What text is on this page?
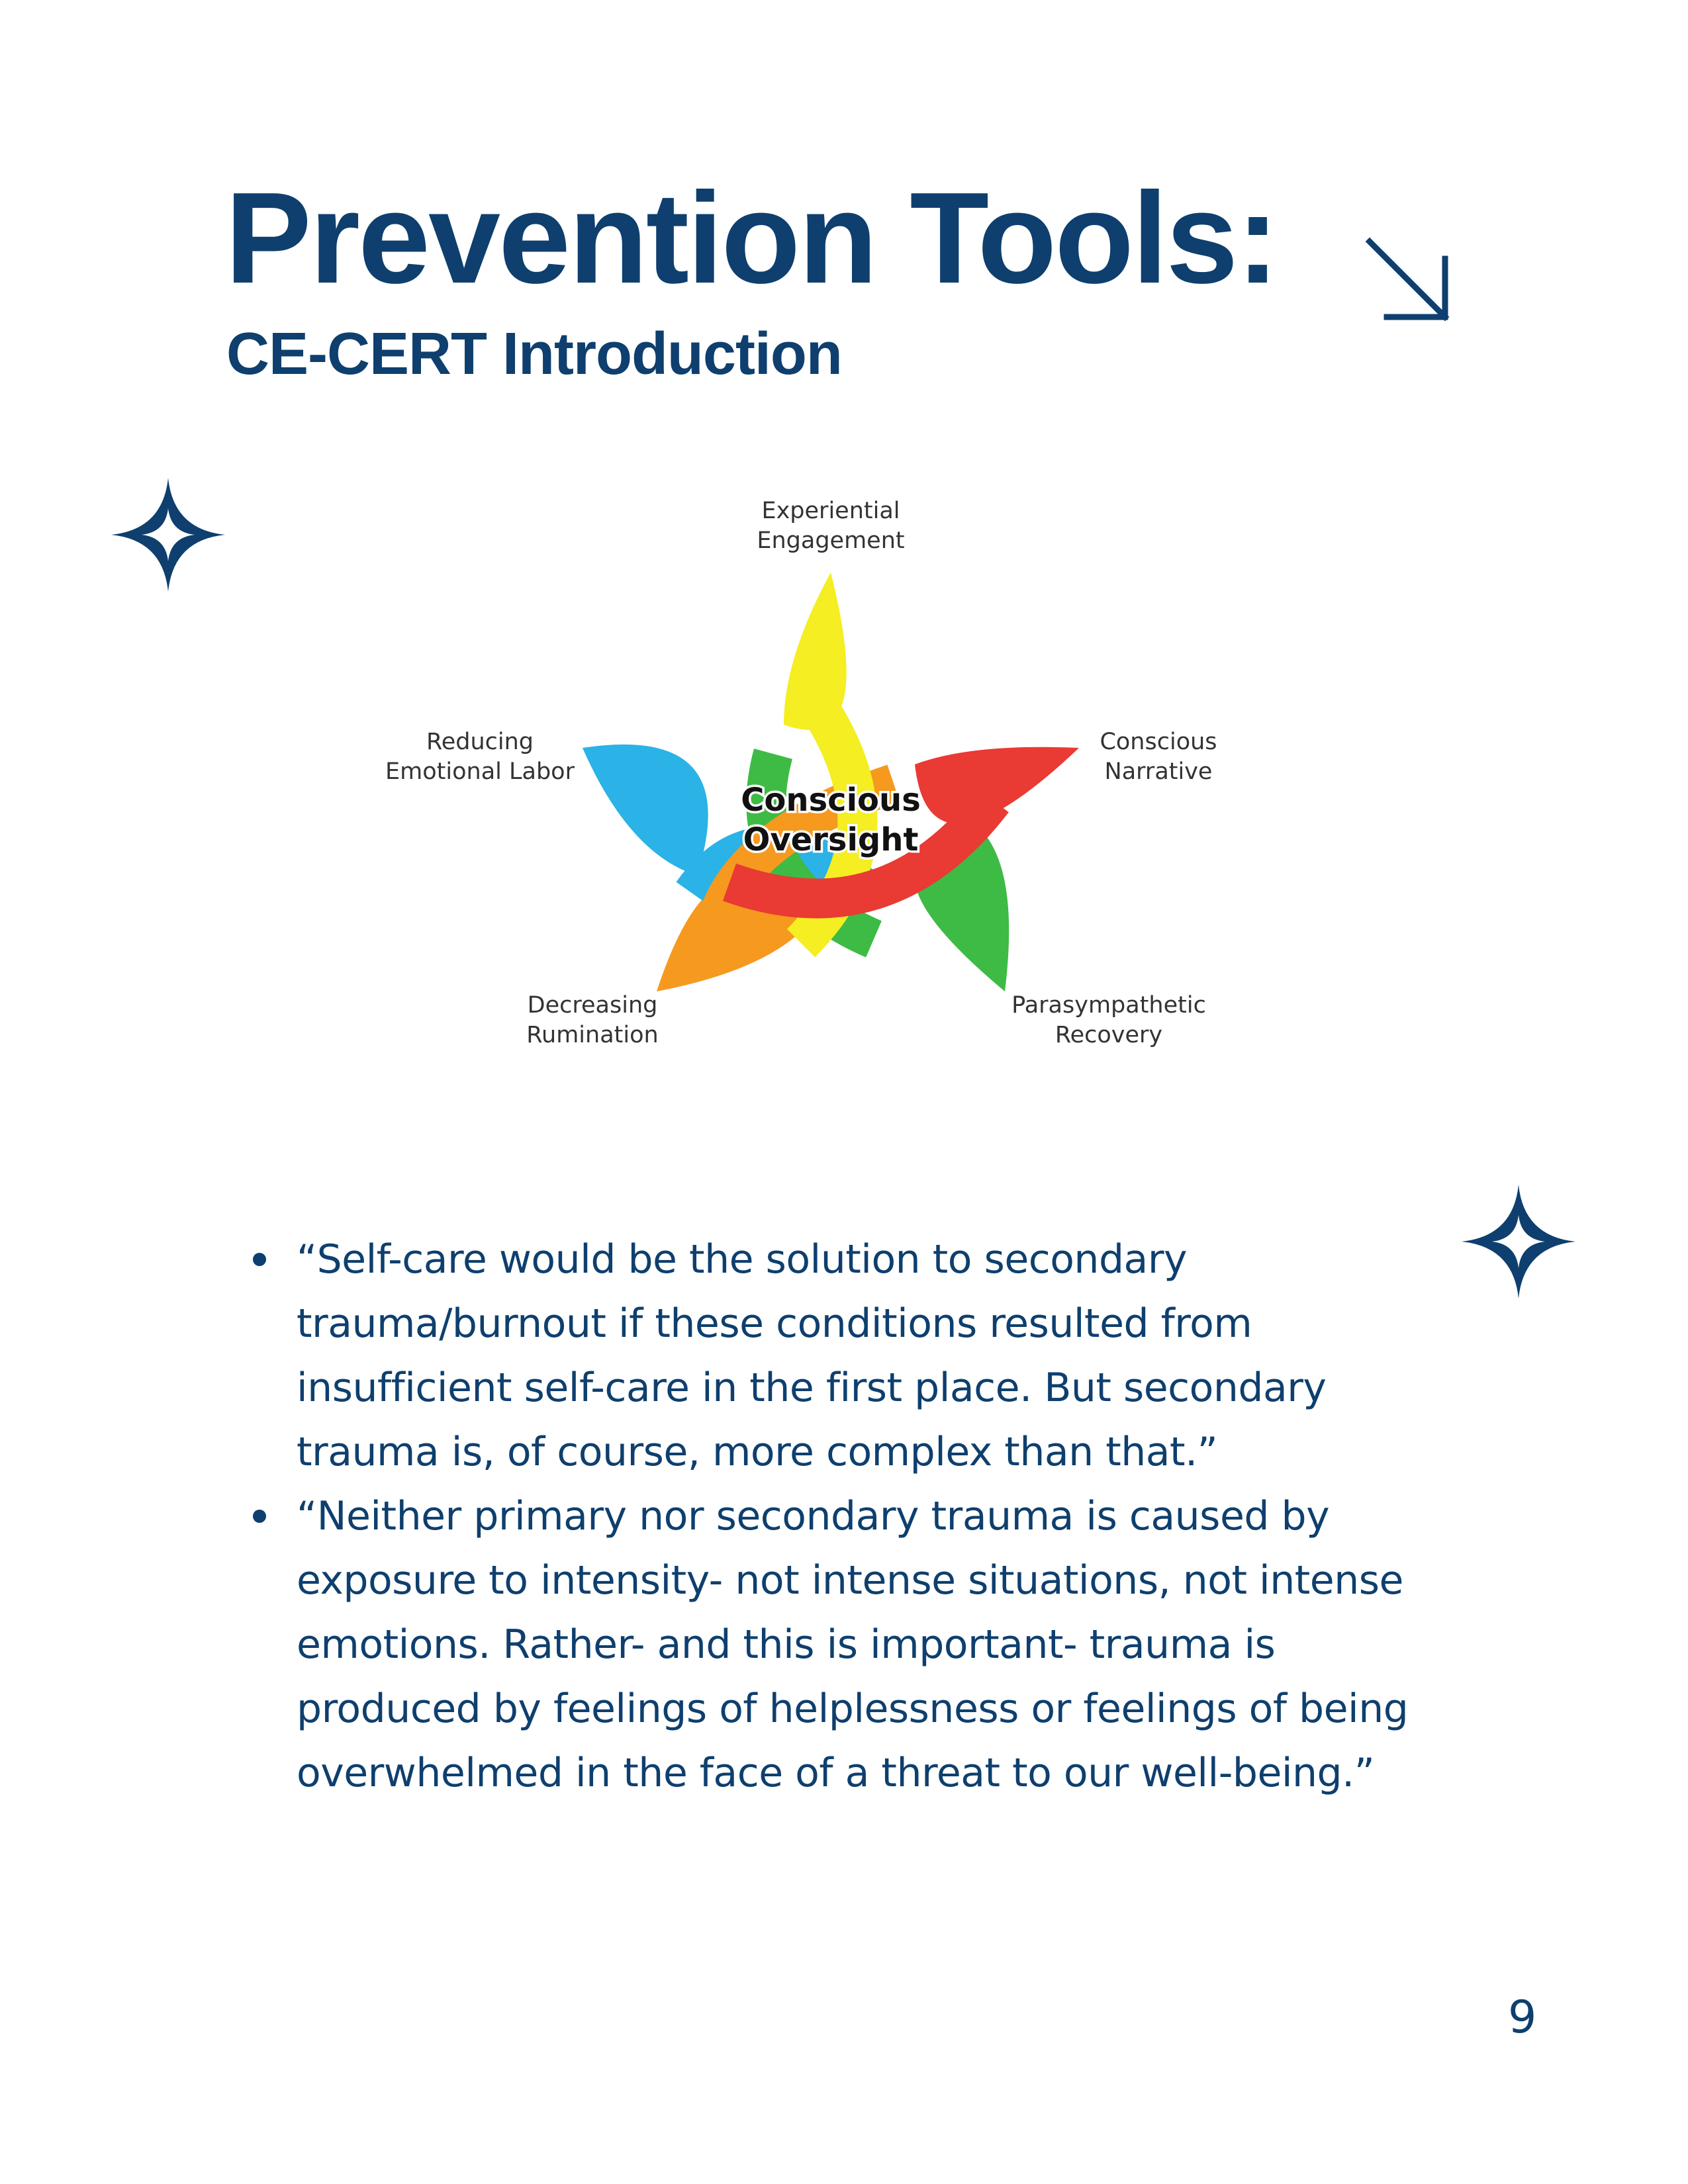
Prevention Tools:
CE-CERT Introduction
Conscious
Oversight
Experiential
Engagement
Conscious
Narrative
Parasympathetic
Recovery
Decreasing
Rumination
Reducing
Emotional Labor
“Self-care would be the solution to secondary
trauma/burnout if these conditions resulted from
insufficient self-care in the first place. But secondary
trauma is, of course, more complex than that.”
“Neither primary nor secondary trauma is caused by
exposure to intensity- not intense situations, not intense
emotions. Rather- and this is important- trauma is
produced by feelings of helplessness or feelings of being
overwhelmed in the face of a threat to our well-being.”
9
